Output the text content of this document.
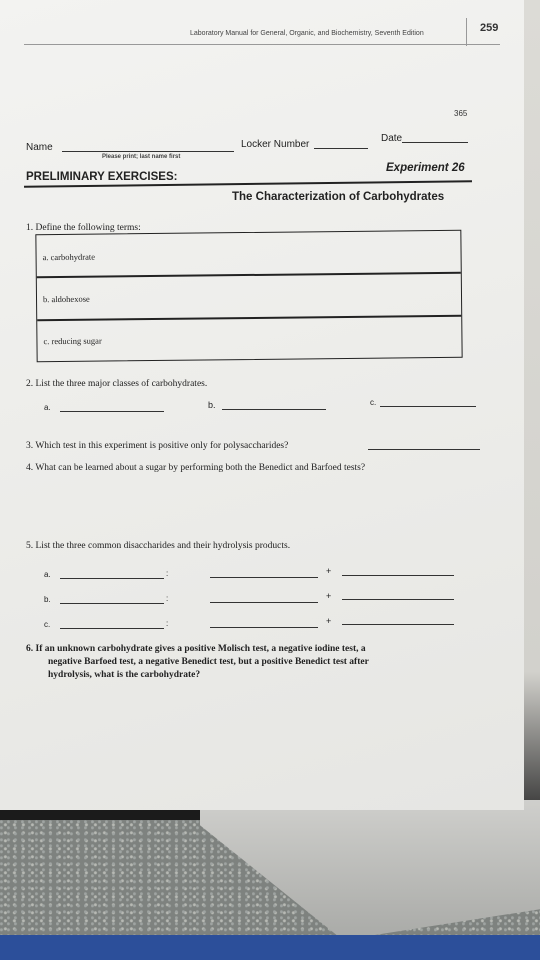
Laboratory Manual for General, Organic, and Biochemistry, Seventh Edition	259
365
Name
Please print; last name first
Locker Number
Date
PRELIMINARY EXERCISES:
Experiment 26
The Characterization of Carbohydrates
1. Define the following terms:
a. carbohydrate
b. aldohexose
c. reducing sugar
2. List the three major classes of carbohydrates.
a.	b.	c.
3. Which test in this experiment is positive only for polysaccharides?
4. What can be learned about a sugar by performing both the Benedict and Barfoed tests?
5. List the three common disaccharides and their hydrolysis products.
a.	:	+
b.	:	+
c.	:	+
6. If an unknown carbohydrate gives a positive Molisch test, a negative iodine test, a
negative Barfoed test, a negative Benedict test, but a positive Benedict test after
hydrolysis, what is the carbohydrate?
